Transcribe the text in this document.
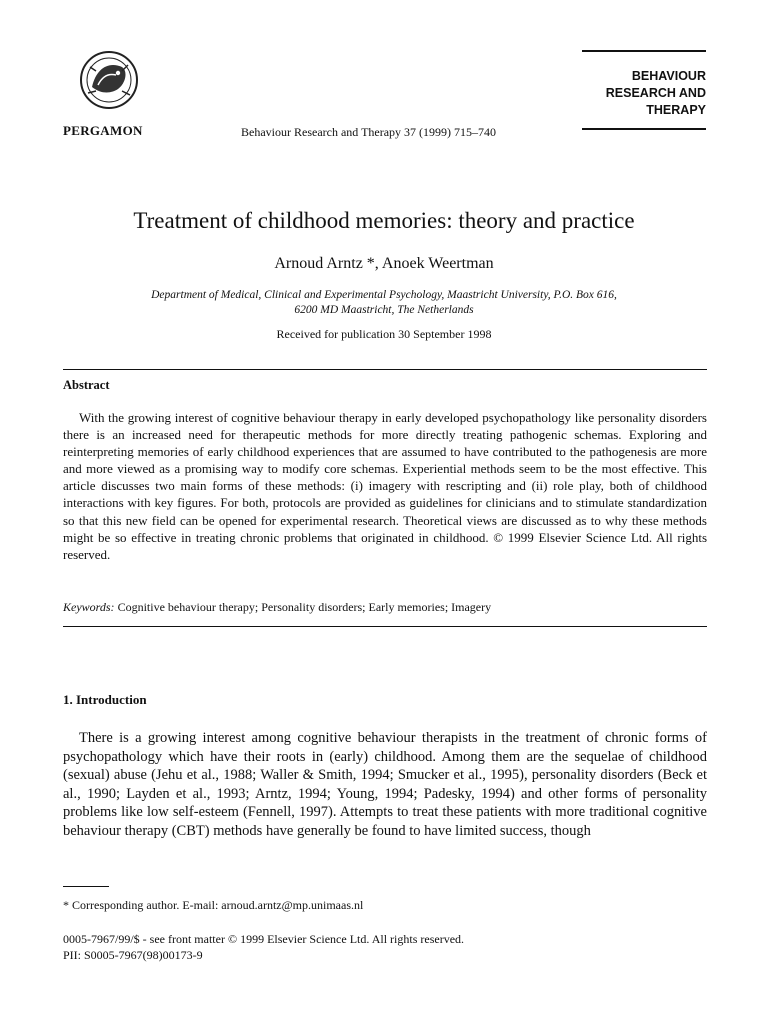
PERGAMON	Behaviour Research and Therapy 37 (1999) 715–740
BEHAVIOUR
RESEARCH AND
THERAPY
Treatment of childhood memories: theory and practice
Arnoud Arntz *, Anoek Weertman
Department of Medical, Clinical and Experimental Psychology, Maastricht University, P.O. Box 616,
6200 MD Maastricht, The Netherlands
Received for publication 30 September 1998
Abstract
With the growing interest of cognitive behaviour therapy in early developed psychopathology like personality disorders there is an increased need for therapeutic methods for more directly treating pathogenic schemas. Exploring and reinterpreting memories of early childhood experiences that are assumed to have contributed to the pathogenesis are more and more viewed as a promising way to modify core schemas. Experiential methods seem to be the most effective. This article discusses two main forms of these methods: (i) imagery with rescripting and (ii) role play, both of childhood interactions with key figures. For both, protocols are provided as guidelines for clinicians and to stimulate standardization so that this new field can be opened for experimental research. Theoretical views are discussed as to why these methods might be so effective in treating chronic problems that originated in childhood. © 1999 Elsevier Science Ltd. All rights reserved.
Keywords: Cognitive behaviour therapy; Personality disorders; Early memories; Imagery
1. Introduction
There is a growing interest among cognitive behaviour therapists in the treatment of chronic forms of psychopathology which have their roots in (early) childhood. Among them are the sequelae of childhood (sexual) abuse (Jehu et al., 1988; Waller & Smith, 1994; Smucker et al., 1995), personality disorders (Beck et al., 1990; Layden et al., 1993; Arntz, 1994; Young, 1994; Padesky, 1994) and other forms of personality problems like low self-esteem (Fennell, 1997). Attempts to treat these patients with more traditional cognitive behaviour therapy (CBT) methods have generally be found to have limited success, though
* Corresponding author. E-mail: arnoud.arntz@mp.unimaas.nl
0005-7967/99/$ - see front matter © 1999 Elsevier Science Ltd. All rights reserved.
PII: S0005-7967(98)00173-9
